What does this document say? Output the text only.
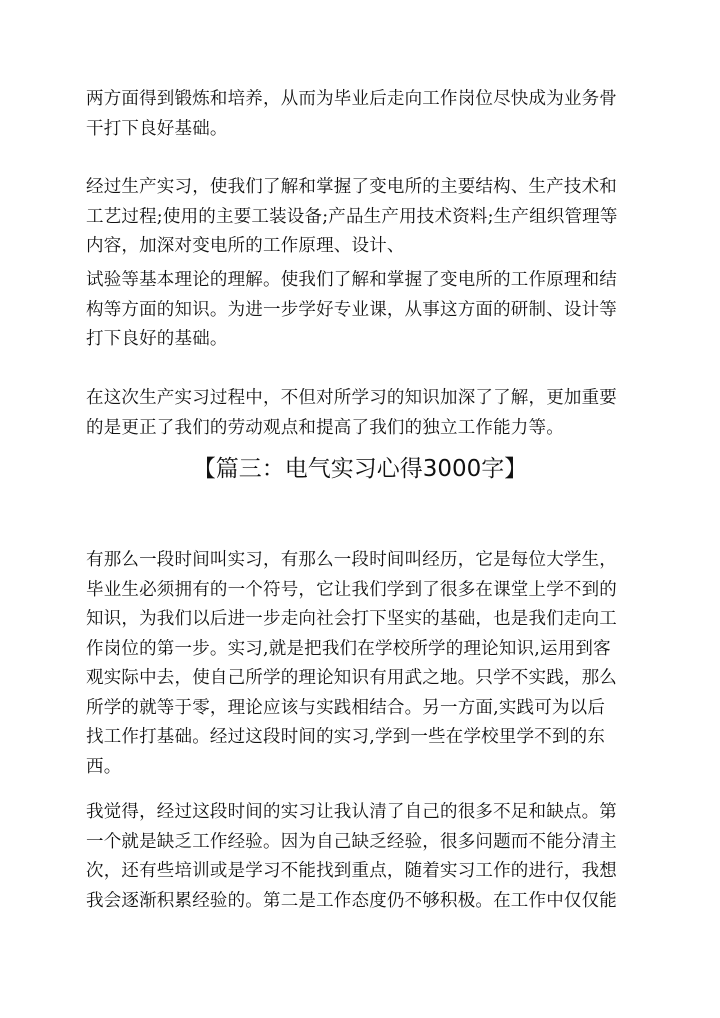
两方面得到锻炼和培养，从而为毕业后走向工作岗位尽快成为业务骨
干打下良好基础。

经过生产实习，使我们了解和掌握了变电所的主要结构、生产技术和
工艺过程;使用的主要工装设备;产品生产用技术资料;生产组织管理等
内容，加深对变电所的工作原理、设计、

试验等基本理论的理解。使我们了解和掌握了变电所的工作原理和结
构等方面的知识。为进一步学好专业课，从事这方面的研制、设计等
打下良好的基础。

在这次生产实习过程中，不但对所学习的知识加深了了解，更加重要
的是更正了我们的劳动观点和提高了我们的独立工作能力等。

【篇三：电气实习心得3000字】

有那么一段时间叫实习，有那么一段时间叫经历，它是每位大学生，
毕业生必须拥有的一个符号，它让我们学到了很多在课堂上学不到的
知识，为我们以后进一步走向社会打下坚实的基础，也是我们走向工
作岗位的第一步。实习,就是把我们在学校所学的理论知识,运用到客
观实际中去，使自己所学的理论知识有用武之地。只学不实践，那么
所学的就等于零，理论应该与实践相结合。另一方面,实践可为以后
找工作打基础。经过这段时间的实习,学到一些在学校里学不到的东
西。

我觉得，经过这段时间的实习让我认清了自己的很多不足和缺点。第
一个就是缺乏工作经验。因为自己缺乏经验，很多问题而不能分清主
次，还有些培训或是学习不能找到重点，随着实习工作的进行，我想
我会逐渐积累经验的。第二是工作态度仍不够积极。在工作中仅仅能
